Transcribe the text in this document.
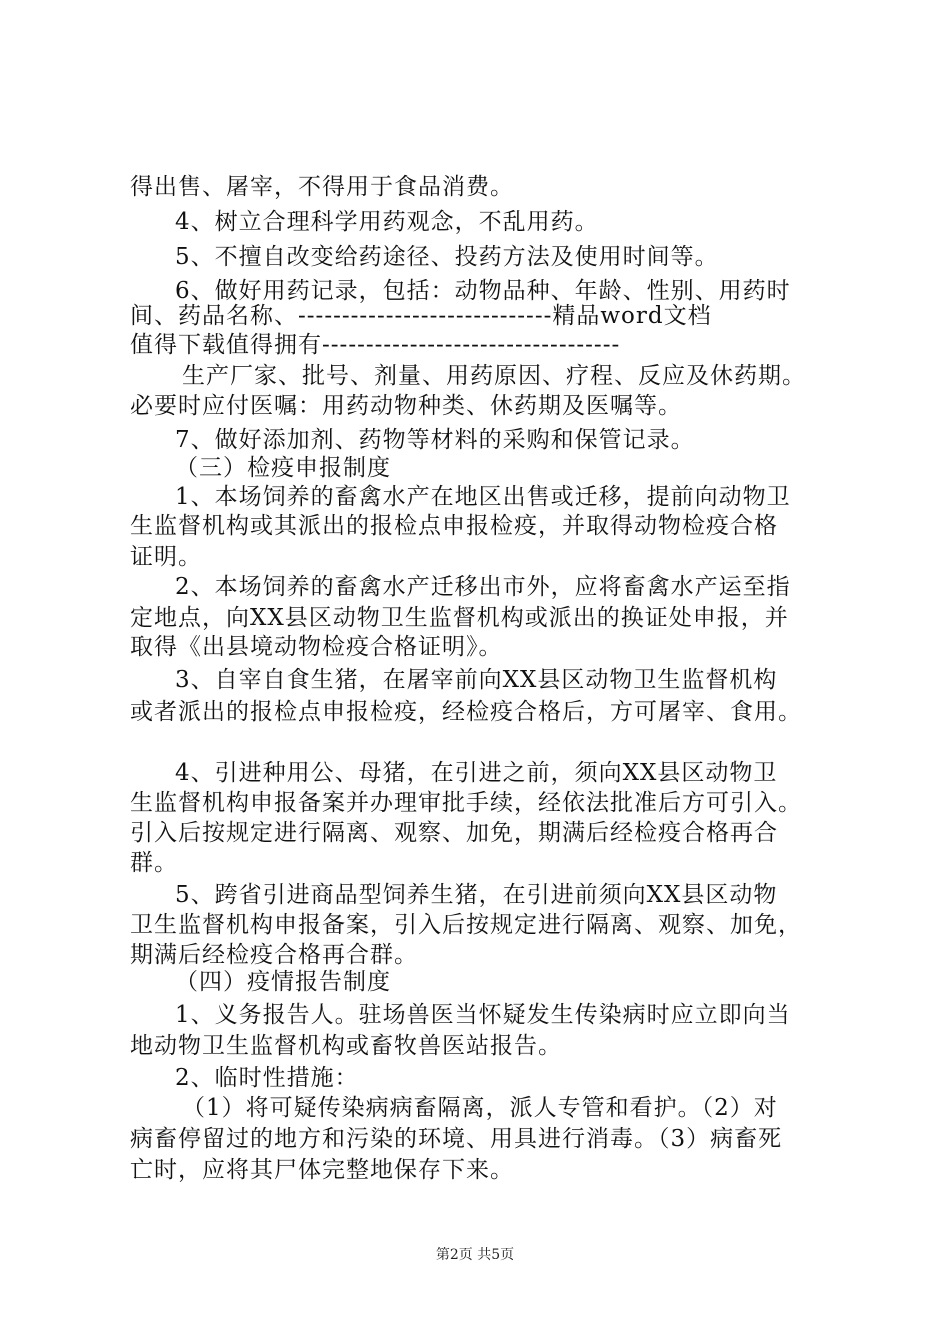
得出售、屠宰，不得用于食品消费。
4、树立合理科学用药观念，不乱用药。
5、不擅自改变给药途径、投药方法及使用时间等。
6、做好用药记录，包括：动物品种、年龄、性别、用药时
间、药品名称、-----------------------------精品word文档
值得下载值得拥有----------------------------------
生产厂家、批号、剂量、用药原因、疗程、反应及休药期。
必要时应付医嘱：用药动物种类、休药期及医嘱等。
7、做好添加剂、药物等材料的采购和保管记录。
（三）检疫申报制度
1、本场饲养的畜禽水产在地区出售或迁移，提前向动物卫
生监督机构或其派出的报检点申报检疫，并取得动物检疫合格
证明。
2、本场饲养的畜禽水产迁移出市外，应将畜禽水产运至指
定地点，向XX县区动物卫生监督机构或派出的换证处申报，并
取得《出县境动物检疫合格证明》。
3、自宰自食生猪，在屠宰前向XX县区动物卫生监督机构
或者派出的报检点申报检疫，经检疫合格后，方可屠宰、食用。
4、引进种用公、母猪，在引进之前，须向XX县区动物卫
生监督机构申报备案并办理审批手续，经依法批准后方可引入。
引入后按规定进行隔离、观察、加免，期满后经检疫合格再合
群。
5、跨省引进商品型饲养生猪，在引进前须向XX县区动物
卫生监督机构申报备案，引入后按规定进行隔离、观察、加免，
期满后经检疫合格再合群。
（四）疫情报告制度
1、义务报告人。驻场兽医当怀疑发生传染病时应立即向当
地动物卫生监督机构或畜牧兽医站报告。
2、临时性措施：
（1）将可疑传染病病畜隔离，派人专管和看护。（2）对
病畜停留过的地方和污染的环境、用具进行消毒。（3）病畜死
亡时，应将其尸体完整地保存下来。
第2页 共5页
